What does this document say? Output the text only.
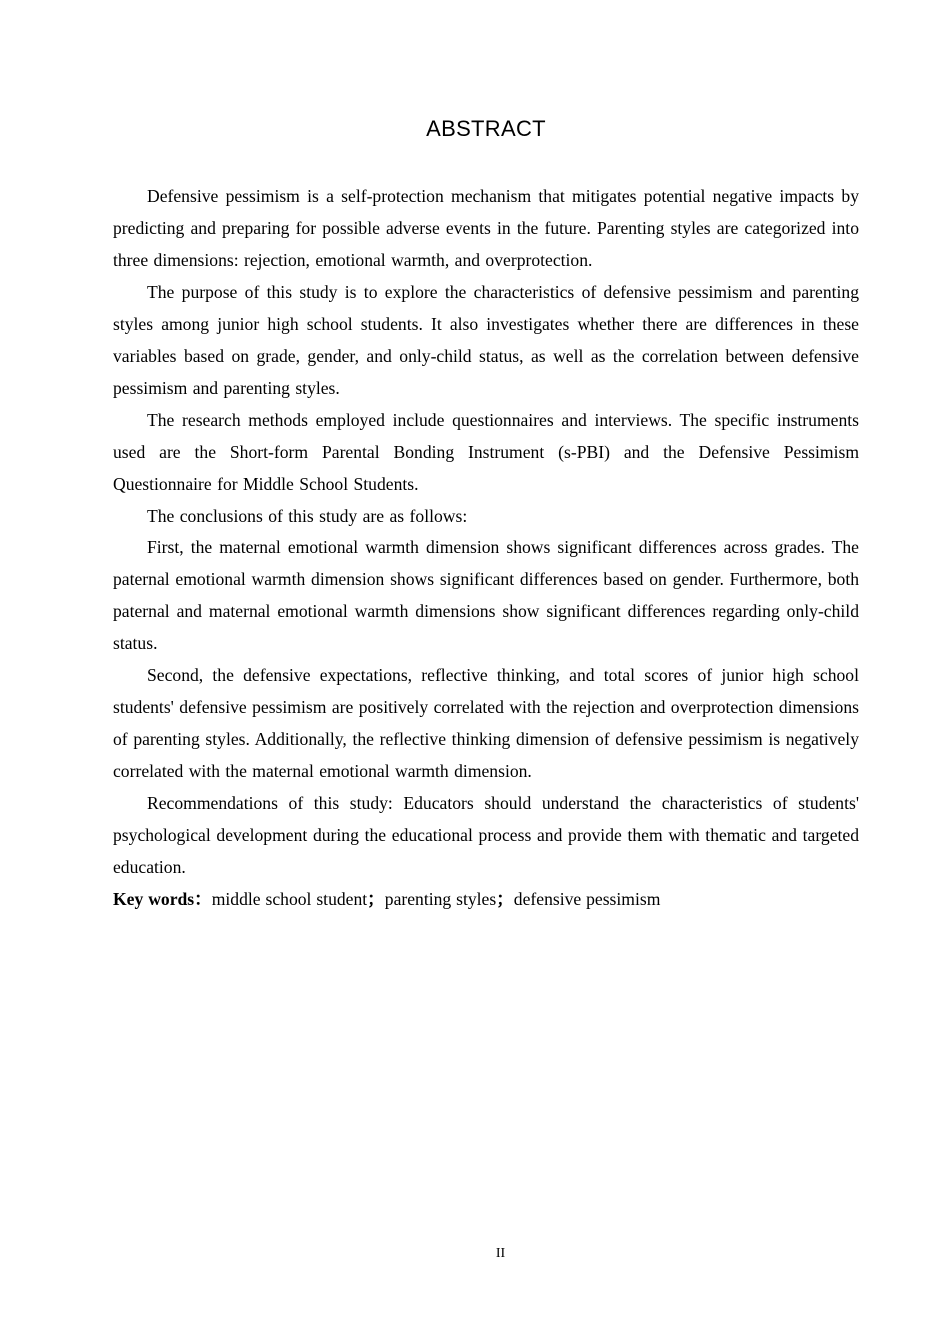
ABSTRACT

Defensive pessimism is a self-protection mechanism that mitigates potential negative impacts by predicting and preparing for possible adverse events in the future. Parenting styles are categorized into three dimensions: rejection, emotional warmth, and overprotection.

The purpose of this study is to explore the characteristics of defensive pessimism and parenting styles among junior high school students. It also investigates whether there are differences in these variables based on grade, gender, and only-child status, as well as the correlation between defensive pessimism and parenting styles.

The research methods employed include questionnaires and interviews. The specific instruments used are the Short-form Parental Bonding Instrument (s-PBI) and the Defensive Pessimism Questionnaire for Middle School Students.

The conclusions of this study are as follows:

First, the maternal emotional warmth dimension shows significant differences across grades. The paternal emotional warmth dimension shows significant differences based on gender. Furthermore, both paternal and maternal emotional warmth dimensions show significant differences regarding only-child status.

Second, the defensive expectations, reflective thinking, and total scores of junior high school students' defensive pessimism are positively correlated with the rejection and overprotection dimensions of parenting styles. Additionally, the reflective thinking dimension of defensive pessimism is negatively correlated with the maternal emotional warmth dimension.

Recommendations of this study: Educators should understand the characteristics of students' psychological development during the educational process and provide them with thematic and targeted education.

Key words：middle school student；parenting styles；defensive pessimism
II
